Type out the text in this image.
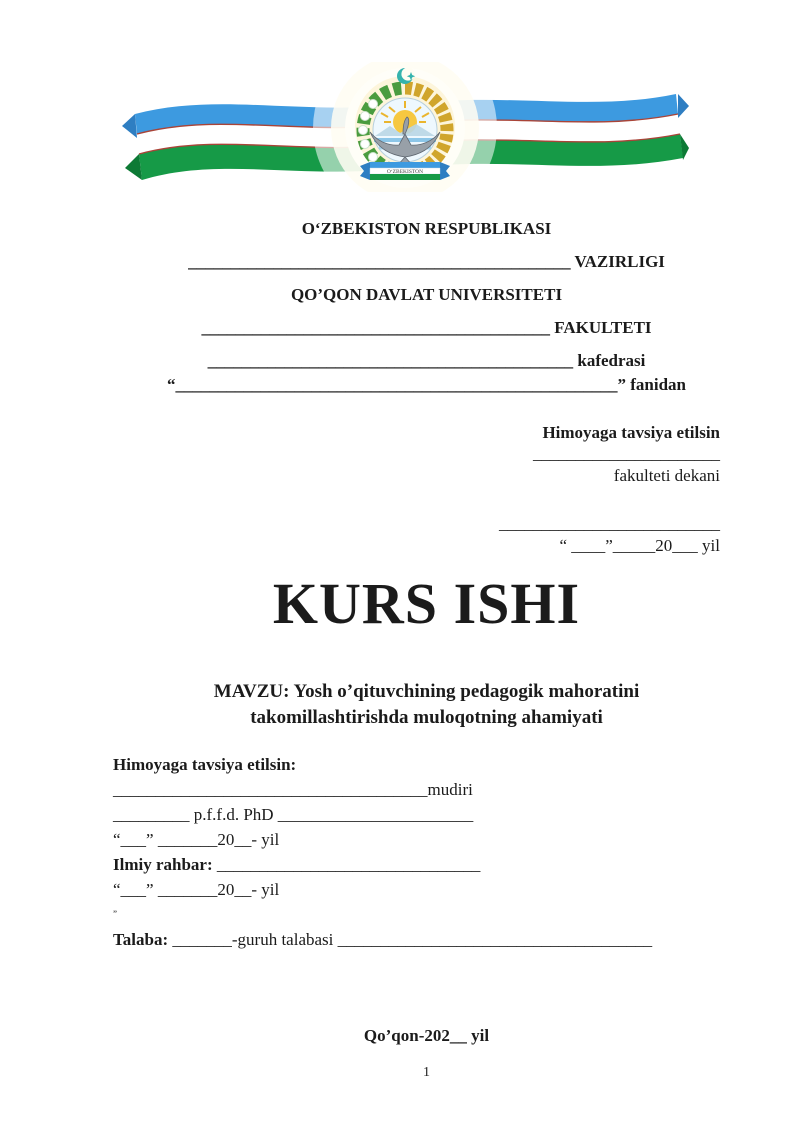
O‘ZBEKISTON

O‘ZBEKISTON RESPUBLIKASI

_____________________________________________ VAZIRLIGI

QO’QON DAVLAT UNIVERSITETI

_________________________________________ FAKULTETI

___________________________________________ kafedrasi

“____________________________________________________” fanidan

Himoyaga tavsiya etilsin

______________________

fakulteti dekani

__________________________

“ ____”_____20___ yil

KURS ISHI

MAVZU: Yosh o’qituvchining pedagogik mahoratini
takomillashtirishda muloqotning ahamiyati

Himoyaga tavsiya etilsin:

_____________________________________mudiri

_________ p.f.f.d. PhD _______________________

“___” _______20__- yil

Ilmiy rahbar: _______________________________

“___” _______20__- yil

”

Talaba: _______-guruh talabasi _____________________________________

Qo’qon-202__ yil

1
